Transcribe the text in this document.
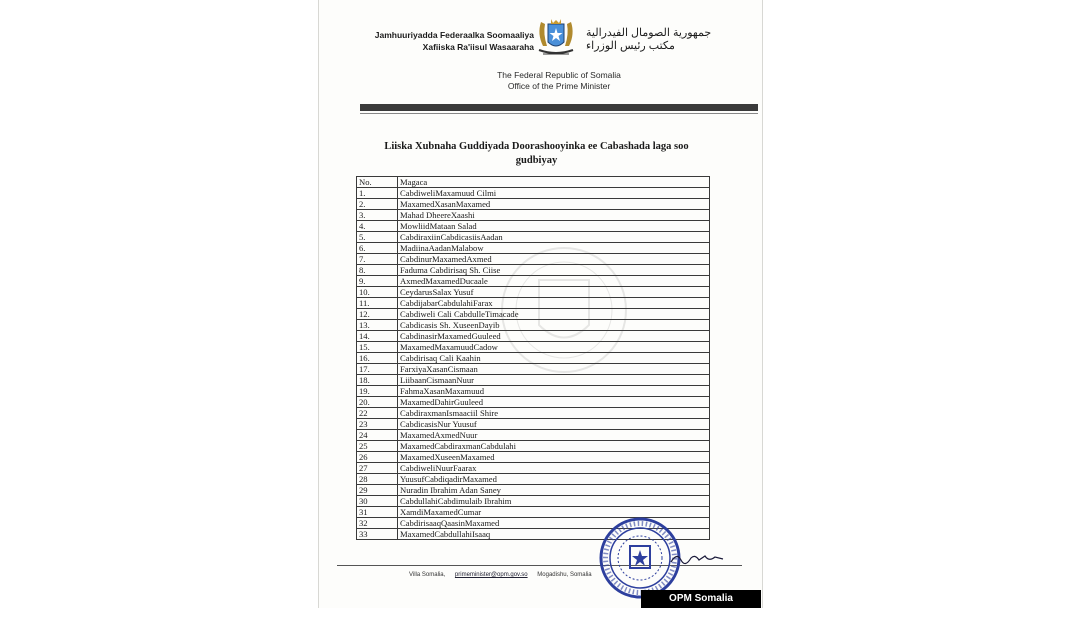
Jamhuuriyadda Federaalka Soomaaliya
Xafiiska Ra'iisul Wasaaraha
جمهورية الصومال الفيدرالية
مكتب رئيس الوزراء
The Federal Republic of Somalia
Office of the Prime Minister
Liiska Xubnaha Guddiyada Doorashooyinka ee Cabashada laga soo gudbiyay
No.	Magaca
1.	CabdiweliMaxamuud Cilmi
2.	MaxamedXasanMaxamed
3.	Mahad DheereXaashi
4.	MowliidMataan Salad
5.	CabdiraxiinCabdicasiisAadan
6.	MadiinaAadanMalabow
7.	CabdinurMaxamedAxmed
8.	Faduma Cabdirisaq Sh. Ciise
9.	AxmedMaxamedDucaale
10.	CeydarusSalax Yusuf
11.	CabdijabarCabdulahiFarax
12.	Cabdiweli Cali CabdulleTimacade
13.	Cabdicasis Sh. XuseenDayib
14.	CabdinasirMaxamedGuuleed
15.	MaxamedMaxamuudCadow
16.	Cabdirisaq Cali Kaahin
17.	FarxiyaXasanCismaan
18.	LiibaanCismaanNuur
19.	FahmaXasanMaxamuud
20.	MaxamedDahirGuuleed
22	CabdiraxmanIsmaaciil Shire
23	CabdicasisNur Yuusuf
24	MaxamedAxmedNuur
25	MaxamedCabdiraxmanCabdulahi
26	MaxamedXuseenMaxamed
27	CabdiweliNuurFaarax
28	YuusufCabdiqadirMaxamed
29	Nuradin Ibrahim Adan Saney
30	CabdullahiCabdimulaib Ibrahim
31	XamdiMaxamedCumar
32	CabdirisaaqQaasinMaxamed
33	MaxamedCabdullahiIsaaq
Villa Somalia, primeminister@opm.gov.so Mogadishu, Somalia
OPM Somalia (Facebook)
